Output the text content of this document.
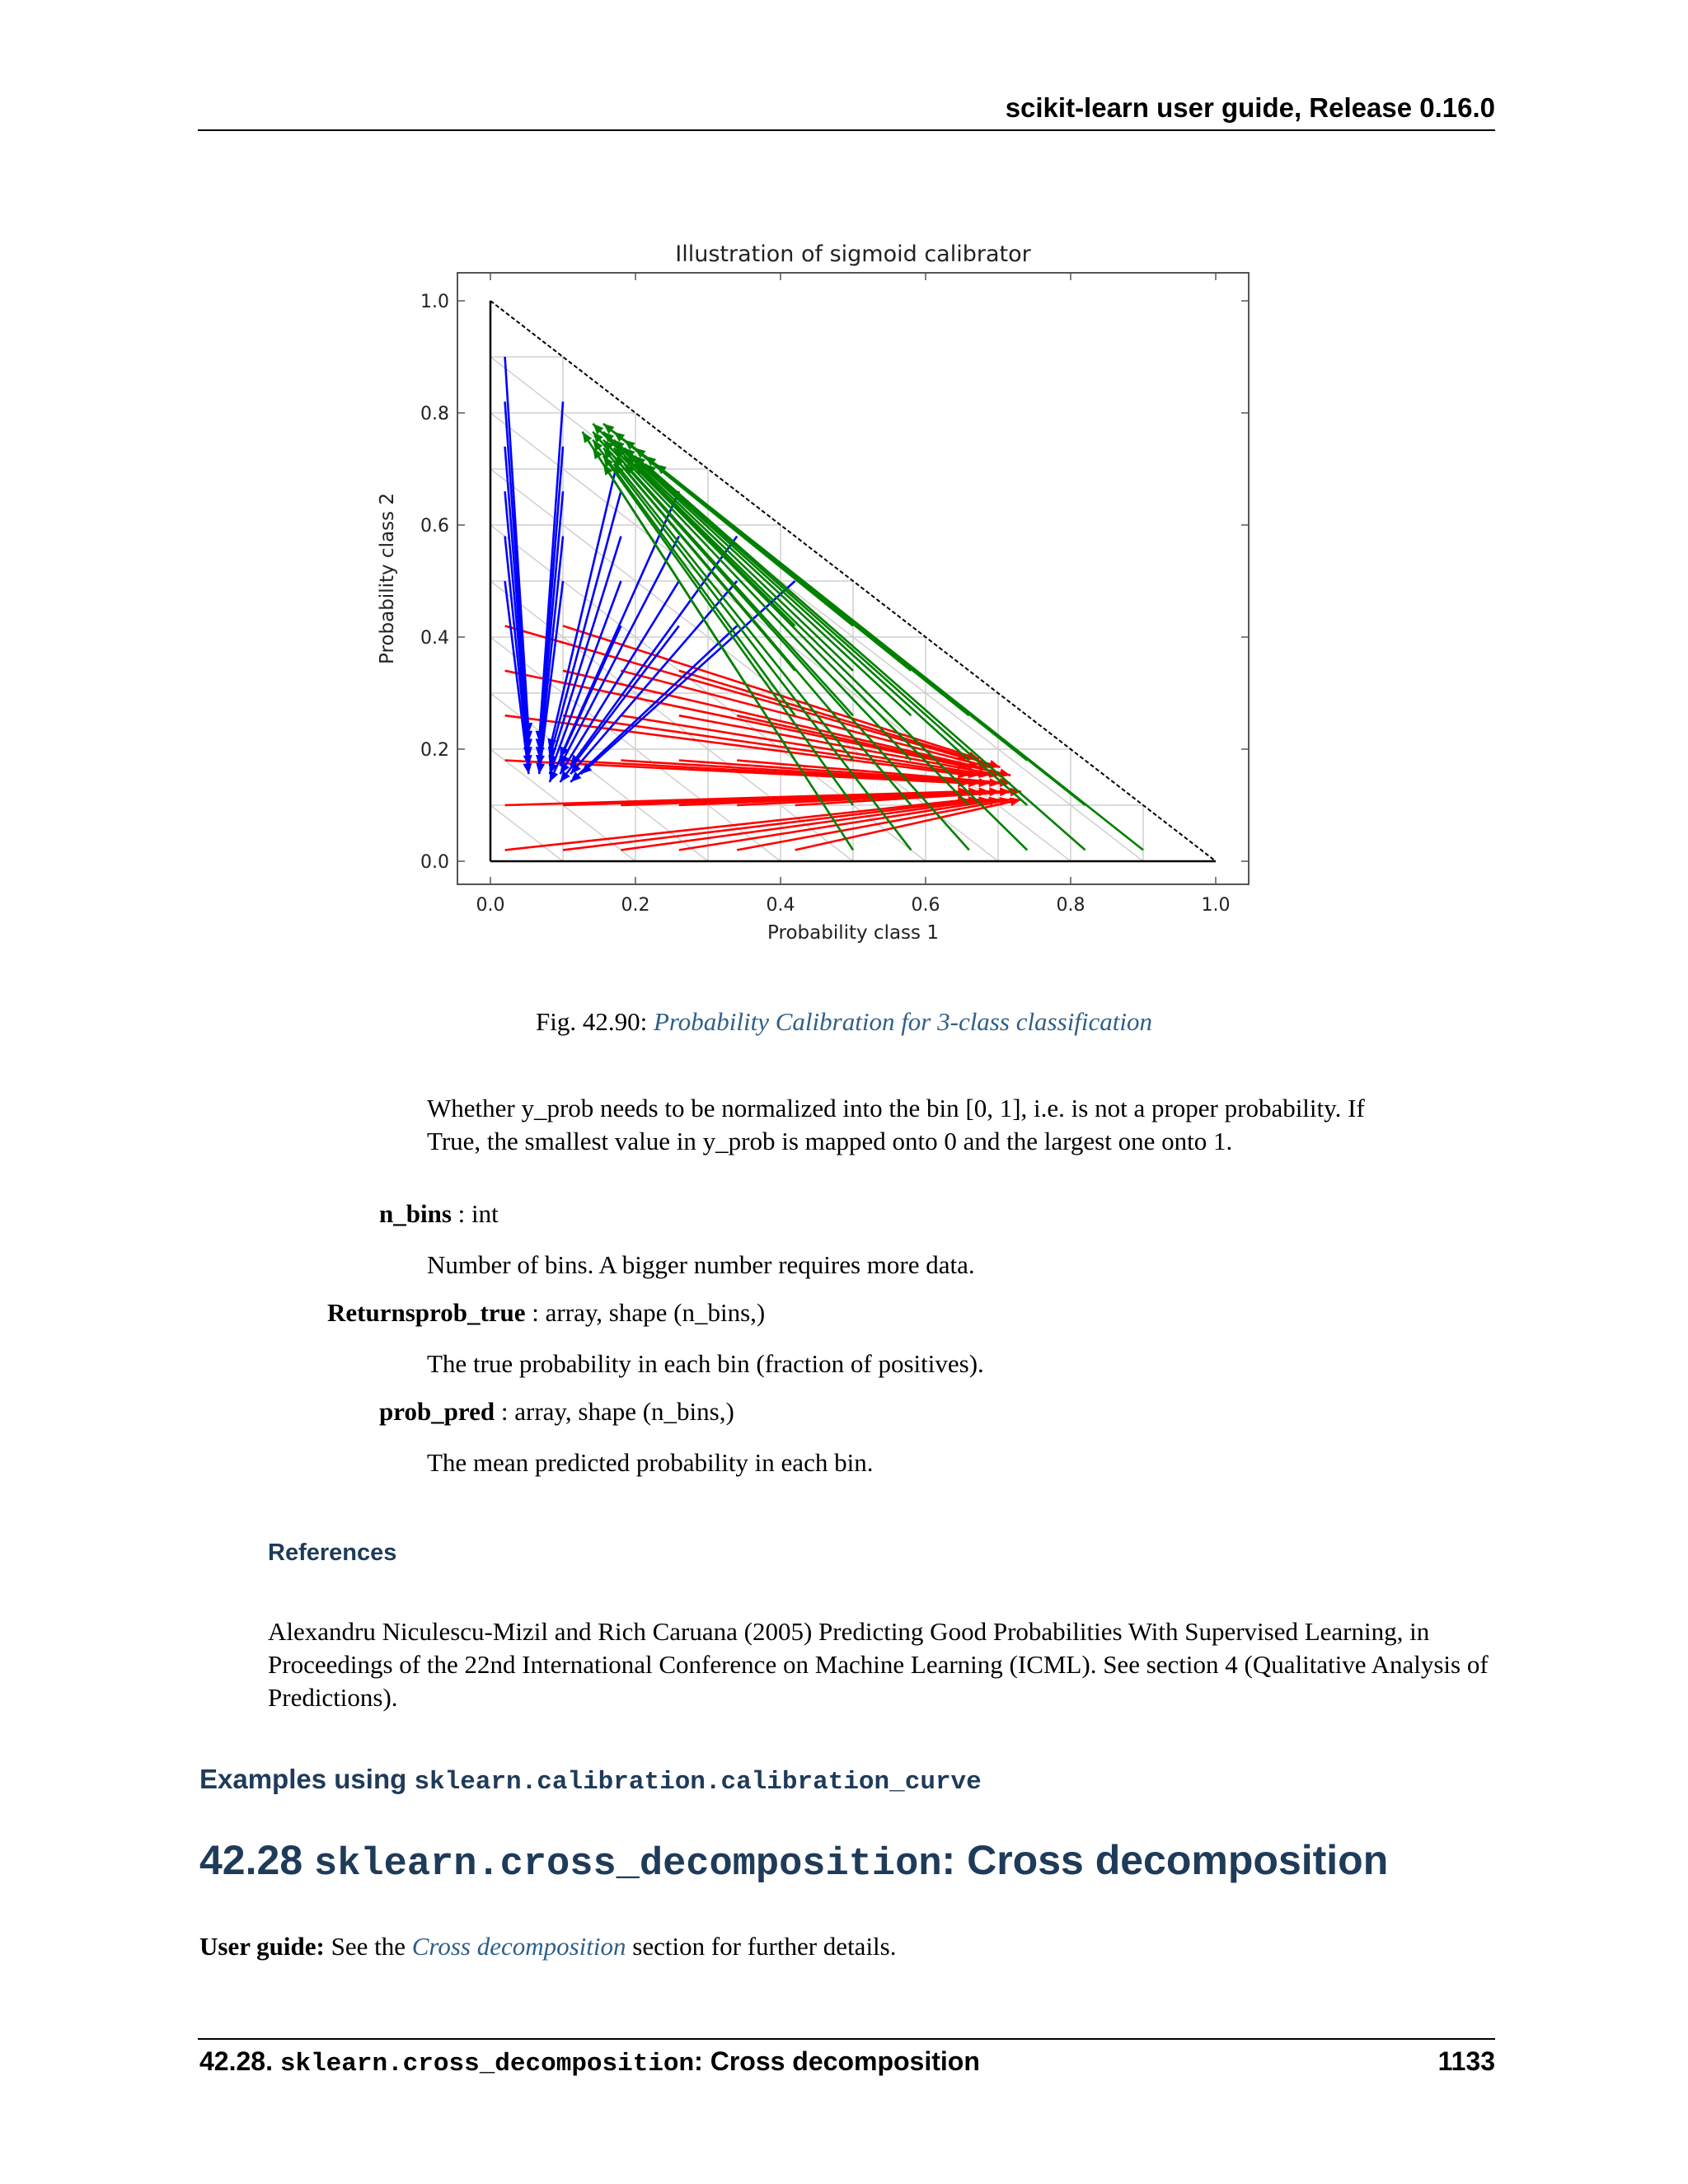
scikit-learn user guide, Release 0.16.0
0.0
0.0
0.2
0.2
0.4
0.4
0.6
0.6
0.8
0.8
1.0
1.0
Illustration of sigmoid calibrator
Probability class 1
Probability class 2
Fig. 42.90: Probability Calibration for 3-class classification
Whether y_prob needs to be normalized into the bin [0, 1], i.e. is not a proper probability. If True, the smallest value in y_prob is mapped onto 0 and the largest one onto 1.
n_bins : int
Number of bins. A bigger number requires more data.
Returnsprob_true : array, shape (n_bins,)
The true probability in each bin (fraction of positives).
prob_pred : array, shape (n_bins,)
The mean predicted probability in each bin.
References
Alexandru Niculescu-Mizil and Rich Caruana (2005) Predicting Good Probabilities With Supervised Learning, in Proceedings of the 22nd International Conference on Machine Learning (ICML). See section 4 (Qualitative Analysis of Predictions).
Examples using sklearn.calibration.calibration_curve
42.28 sklearn.cross_decomposition: Cross decomposition
User guide: See the Cross decomposition section for further details.
42.28. sklearn.cross_decomposition: Cross decomposition	1133
